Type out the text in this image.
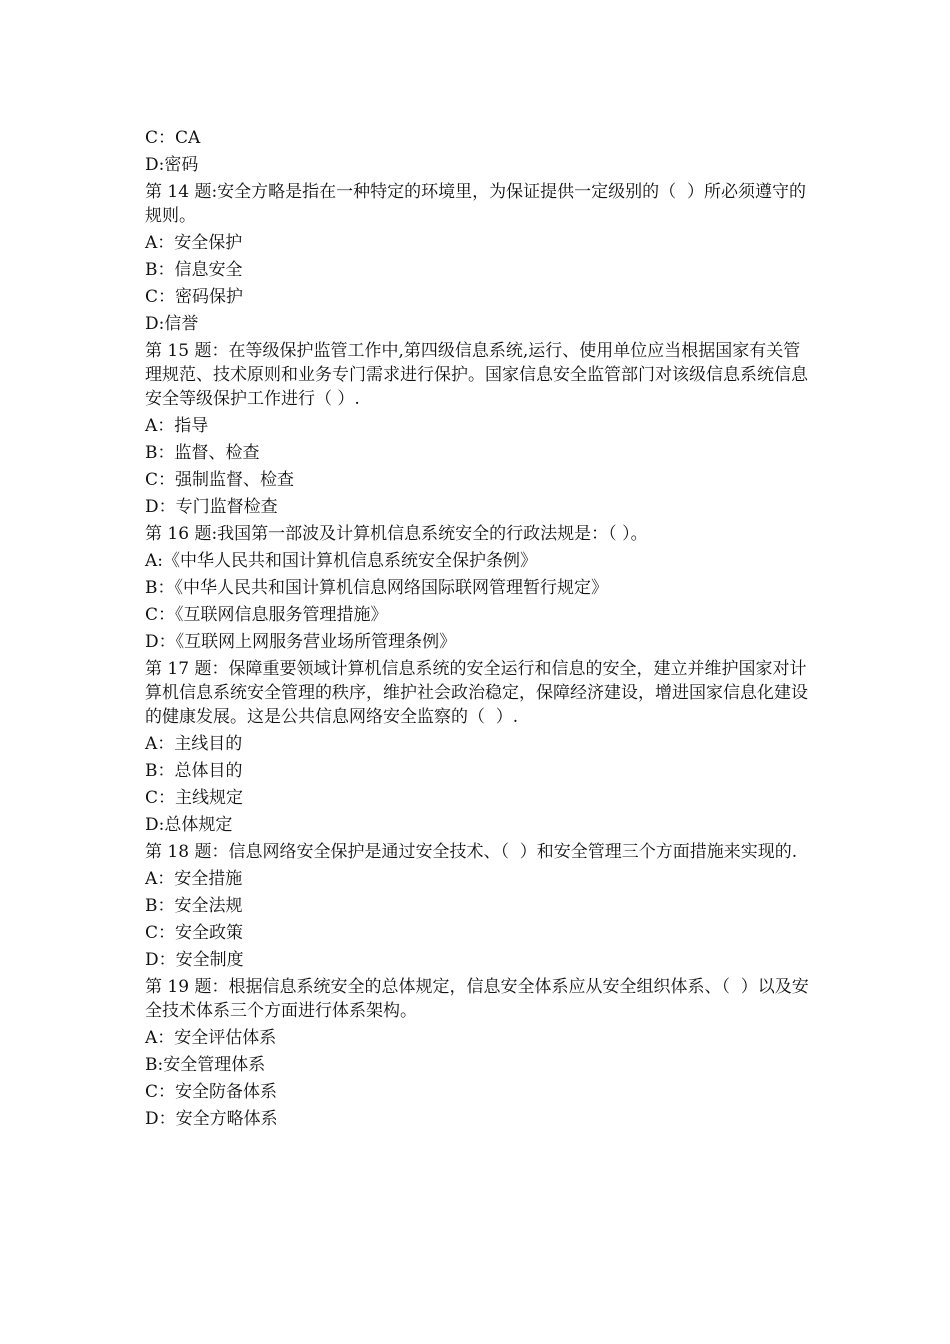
C：CA
D:密码
第 14 题:安全方略是指在一种特定的环境里，为保证提供一定级别的（  ）所必须遵守的规则。
A：安全保护
B：信息安全
C：密码保护
D:信誉
第 15 题：在等级保护监管工作中,第四级信息系统,运行、使用单位应当根据国家有关管理规范、技术原则和业务专门需求进行保护。国家信息安全监管部门对该级信息系统信息安全等级保护工作进行（ ）.
A：指导
B：监督、检查
C：强制监督、检查
D：专门监督检查
第 16 题:我国第一部波及计算机信息系统安全的行政法规是：（ ）。
A:《中华人民共和国计算机信息系统安全保护条例》
B：《中华人民共和国计算机信息网络国际联网管理暂行规定》
C：《互联网信息服务管理措施》
D：《互联网上网服务营业场所管理条例》
第 17 题：保障重要领域计算机信息系统的安全运行和信息的安全，建立并维护国家对计算机信息系统安全管理的秩序，维护社会政治稳定，保障经济建设，增进国家信息化建设的健康发展。这是公共信息网络安全监察的（  ）.
A：主线目的
B：总体目的
C：主线规定
D:总体规定
第 18 题：信息网络安全保护是通过安全技术、（  ）和安全管理三个方面措施来实现的.
A：安全措施
B：安全法规
C：安全政策
D：安全制度
第 19 题：根据信息系统安全的总体规定，信息安全体系应从安全组织体系、（  ）以及安全技术体系三个方面进行体系架构。
A：安全评估体系
B:安全管理体系
C：安全防备体系
D：安全方略体系
